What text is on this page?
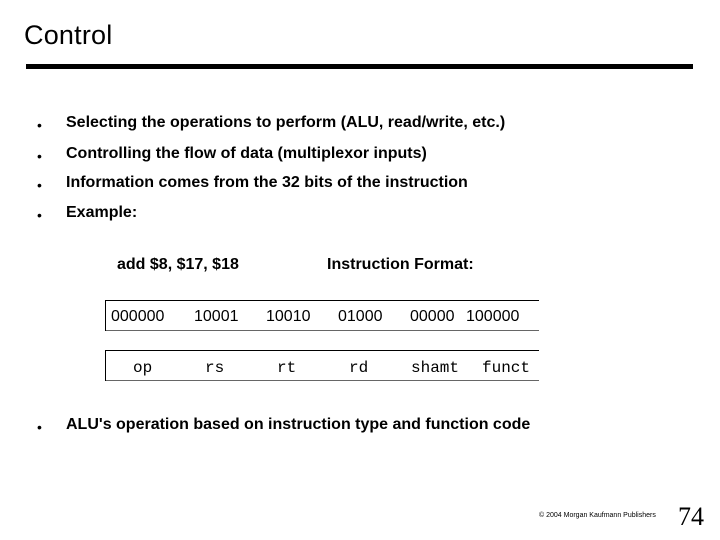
Control
• Selecting the operations to perform (ALU, read/write, etc.)
• Controlling the flow of data (multiplexor inputs)
• Information comes from the 32 bits of the instruction
• Example:
add $8, $17, $18	Instruction Format:
000000 10001 10010 01000 00000 100000
op	rs	rt	rd	shamt funct
• ALU's operation based on instruction type and function code
© 2004 Morgan Kaufmann Publishers 74
